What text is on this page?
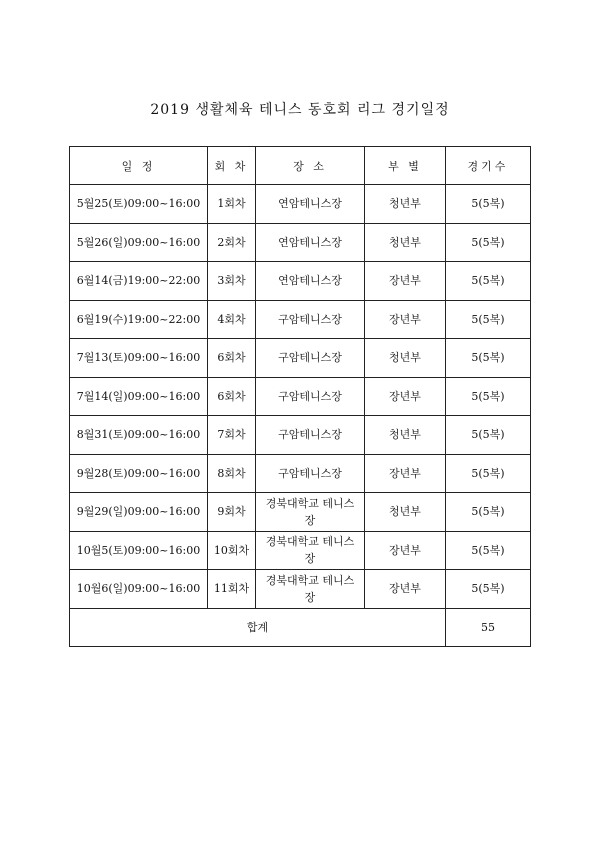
2019 생활체육 테니스 동호회 리그 경기일정
일 정	회 차	장 소	부 별	경기수
5월25(토)09:00~16:00	1회차	연암테니스장	청년부	5(5복)
5월26(일)09:00~16:00	2회차	연암테니스장	청년부	5(5복)
6월14(금)19:00~22:00	3회차	연암테니스장	장년부	5(5복)
6월19(수)19:00~22:00	4회차	구암테니스장	장년부	5(5복)
7월13(토)09:00~16:00	6회차	구암테니스장	청년부	5(5복)
7월14(일)09:00~16:00	6회차	구암테니스장	장년부	5(5복)
8월31(토)09:00~16:00	7회차	구암테니스장	청년부	5(5복)
9월28(토)09:00~16:00	8회차	구암테니스장	장년부	5(5복)
9월29(일)09:00~16:00	9회차	경북대학교 테니스장	청년부	5(5복)
10월5(토)09:00~16:00	10회차	경북대학교 테니스장	장년부	5(5복)
10월6(일)09:00~16:00	11회차	경북대학교 테니스장	장년부	5(5복)
합계				55
